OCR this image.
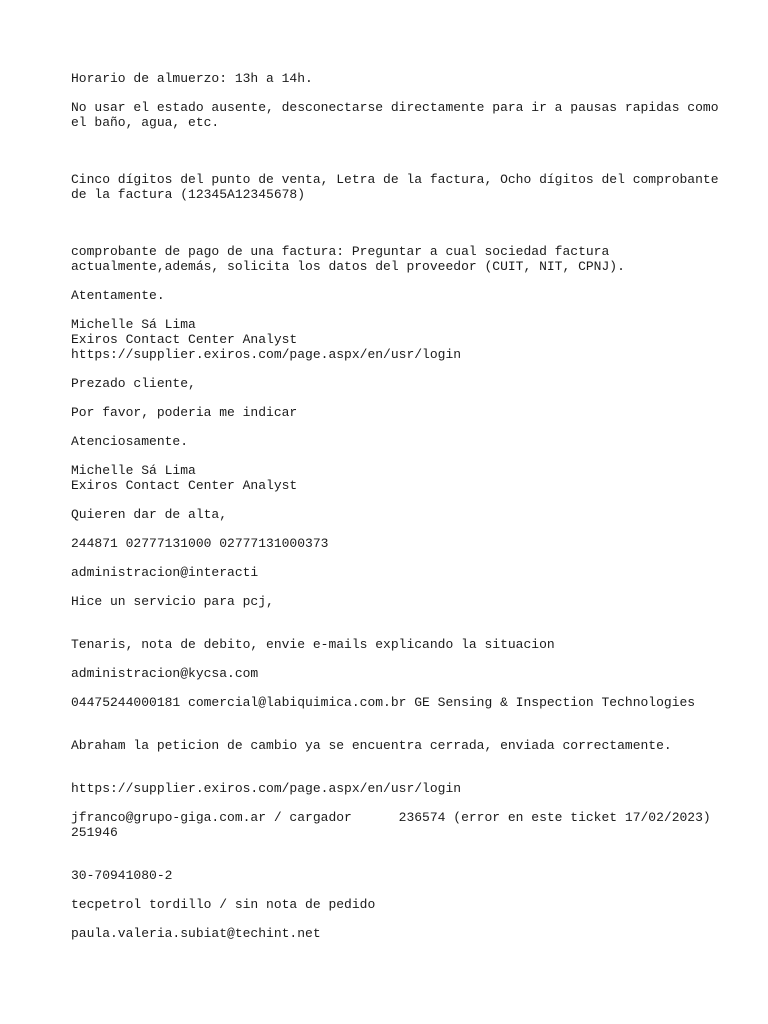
Horario de almuerzo: 13h a 14h.
No usar el estado ausente, desconectarse directamente para ir a pausas rapidas como
el baño, agua, etc.
Cinco dígitos del punto de venta, Letra de la factura, Ocho dígitos del comprobante
de la factura (12345A12345678)
comprobante de pago de una factura: Preguntar a cual sociedad factura
actualmente,además, solicita los datos del proveedor (CUIT, NIT, CPNJ).
Atentamente.
Michelle Sá Lima
Exiros Contact Center Analyst
https://supplier.exiros.com/page.aspx/en/usr/login
Prezado cliente,
Por favor, poderia me indicar
Atenciosamente.
Michelle Sá Lima
Exiros Contact Center Analyst
Quieren dar de alta,
244871 02777131000 02777131000373
administracion@interacti
Hice un servicio para pcj,
Tenaris, nota de debito, envie e-mails explicando la situacion
administracion@kycsa.com
04475244000181 comercial@labiquimica.com.br GE Sensing & Inspection Technologies
Abraham la peticion de cambio ya se encuentra cerrada, enviada correctamente.
https://supplier.exiros.com/page.aspx/en/usr/login
jfranco@grupo-giga.com.ar / cargador      236574 (error en este ticket 17/02/2023)
251946
30-70941080-2
tecpetrol tordillo / sin nota de pedido
paula.valeria.subiat@techint.net
